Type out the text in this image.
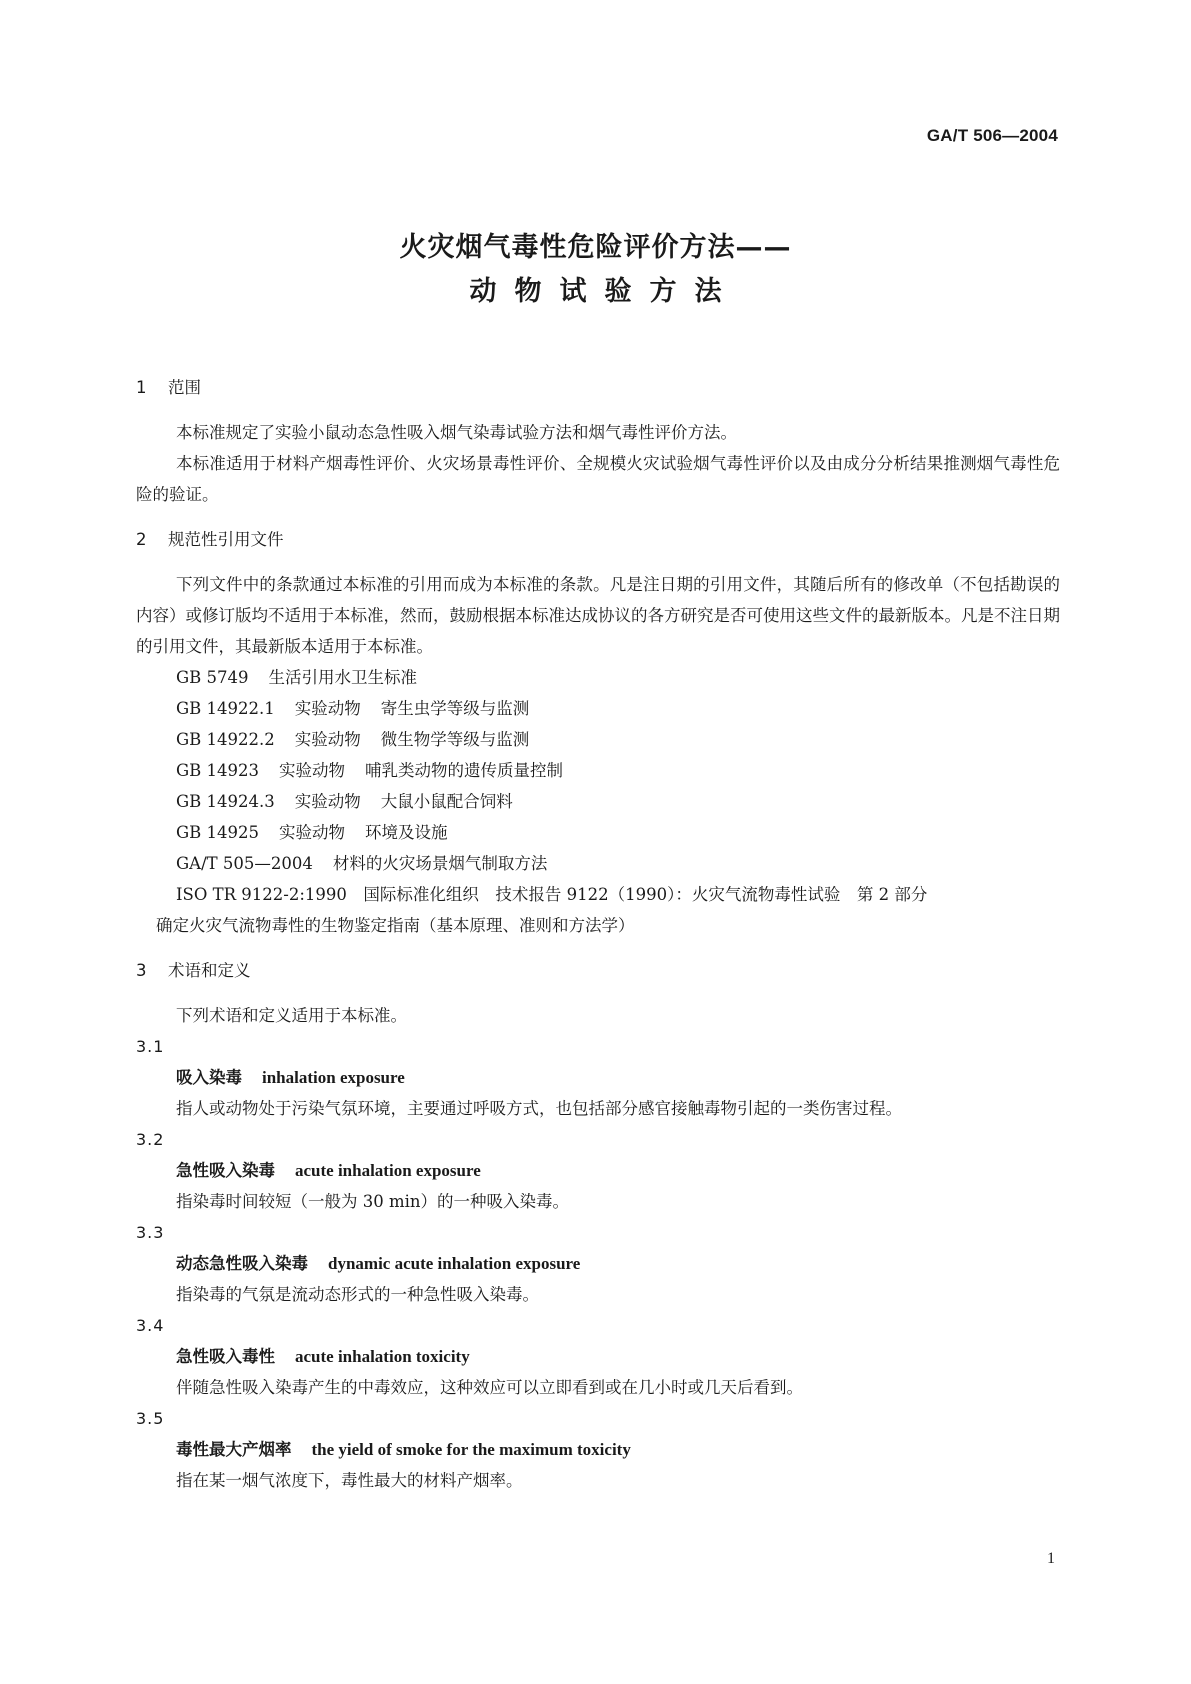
GA/T 506—2004
火灾烟气毒性危险评价方法——
动物试验方法
1 范围

本标准规定了实验小鼠动态急性吸入烟气染毒试验方法和烟气毒性评价方法。

本标准适用于材料产烟毒性评价、火灾场景毒性评价、全规模火灾试验烟气毒性评价以及由成分分析结果推测烟气毒性危险的验证。

2 规范性引用文件

下列文件中的条款通过本标准的引用而成为本标准的条款。凡是注日期的引用文件，其随后所有的修改单（不包括勘误的内容）或修订版均不适用于本标准，然而，鼓励根据本标准达成协议的各方研究是否可使用这些文件的最新版本。凡是不注日期的引用文件，其最新版本适用于本标准。

GB 5749 生活引用水卫生标准
GB 14922.1 实验动物 寄生虫学等级与监测
GB 14922.2 实验动物 微生物学等级与监测
GB 14923 实验动物 哺乳类动物的遗传质量控制
GB 14924.3 实验动物 大鼠小鼠配合饲料
GB 14925 实验动物 环境及设施
GA/T 505—2004 材料的火灾场景烟气制取方法
ISO TR 9122-2:1990　国际标准化组织　技术报告 9122（1990）：火灾气流物毒性试验　第 2 部分
确定火灾气流物毒性的生物鉴定指南（基本原理、准则和方法学）
3 术语和定义

下列术语和定义适用于本标准。

3.1
吸入染毒 inhalation exposure
指人或动物处于污染气氛环境，主要通过呼吸方式，也包括部分感官接触毒物引起的一类伤害过程。
3.2
急性吸入染毒 acute inhalation exposure
指染毒时间较短（一般为 30 min）的一种吸入染毒。
3.3
动态急性吸入染毒 dynamic acute inhalation exposure
指染毒的气氛是流动态形式的一种急性吸入染毒。
3.4
急性吸入毒性 acute inhalation toxicity
伴随急性吸入染毒产生的中毒效应，这种效应可以立即看到或在几小时或几天后看到。
3.5
毒性最大产烟率 the yield of smoke for the maximum toxicity
指在某一烟气浓度下，毒性最大的材料产烟率。
1
